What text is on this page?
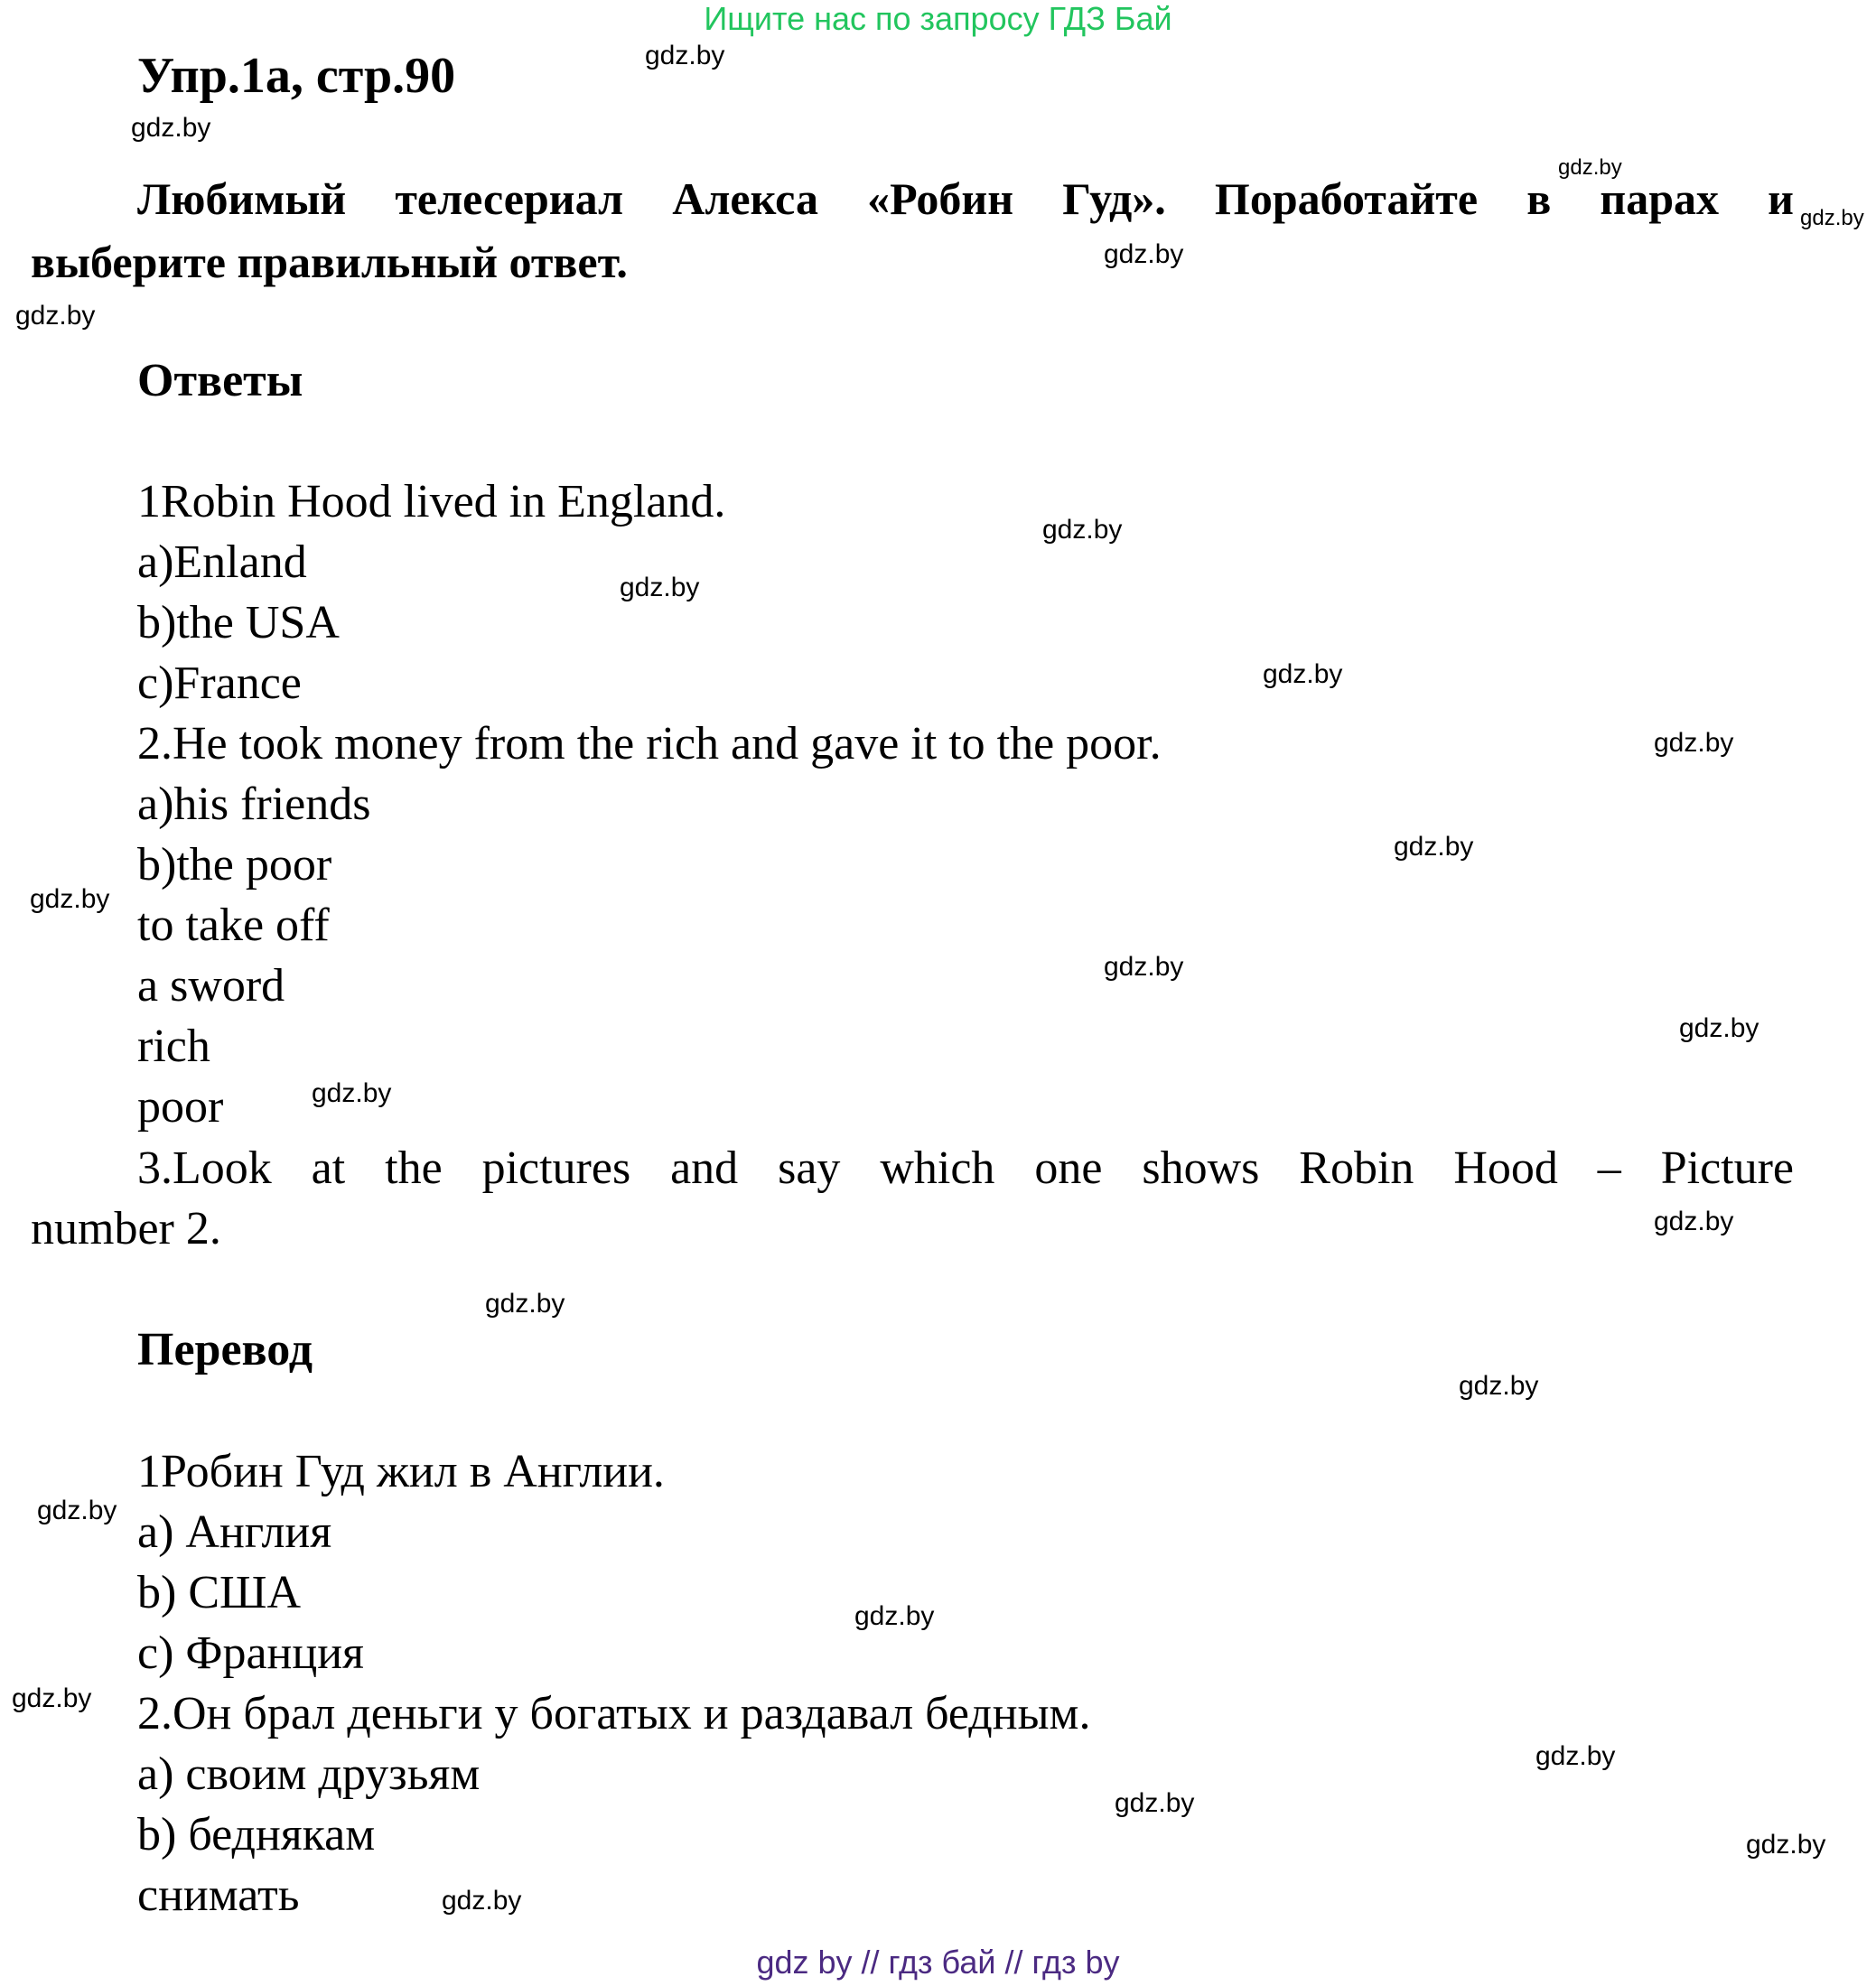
Ищите нас по запросу ГДЗ Бай
Упр.1а, стр.90
Любимый телесериал Алекса «Робин Гуд». Поработайте в парах и
выберите правильный ответ.
Ответы
1Robin Hood lived in England.
a)Enland
b)the USA
c)France
2.He took money from the rich and gave it to the poor.
a)his friends
b)the poor
to take off
a sword
rich
poor
3.Look at the pictures and say which one shows Robin Hood – Picture
number 2.
Перевод
1Робин Гуд жил в Англии.
a) Англия
b) США
c) Франция
2.Он брал деньги у богатых и раздавал бедным.
a) своим друзьям
b) беднякам
снимать
gdz.by
gdz.by
gdz.by
gdz.by
gdz.by
gdz.by
gdz.by
gdz.by
gdz.by
gdz.by
gdz.by
gdz.by
gdz.by
gdz.by
gdz.by
gdz.by
gdz.by
gdz.by
gdz.by
gdz.by
gdz.by
gdz.by
gdz.by
gdz.by
gdz.by
gdz by // гдз бай // гдз by
